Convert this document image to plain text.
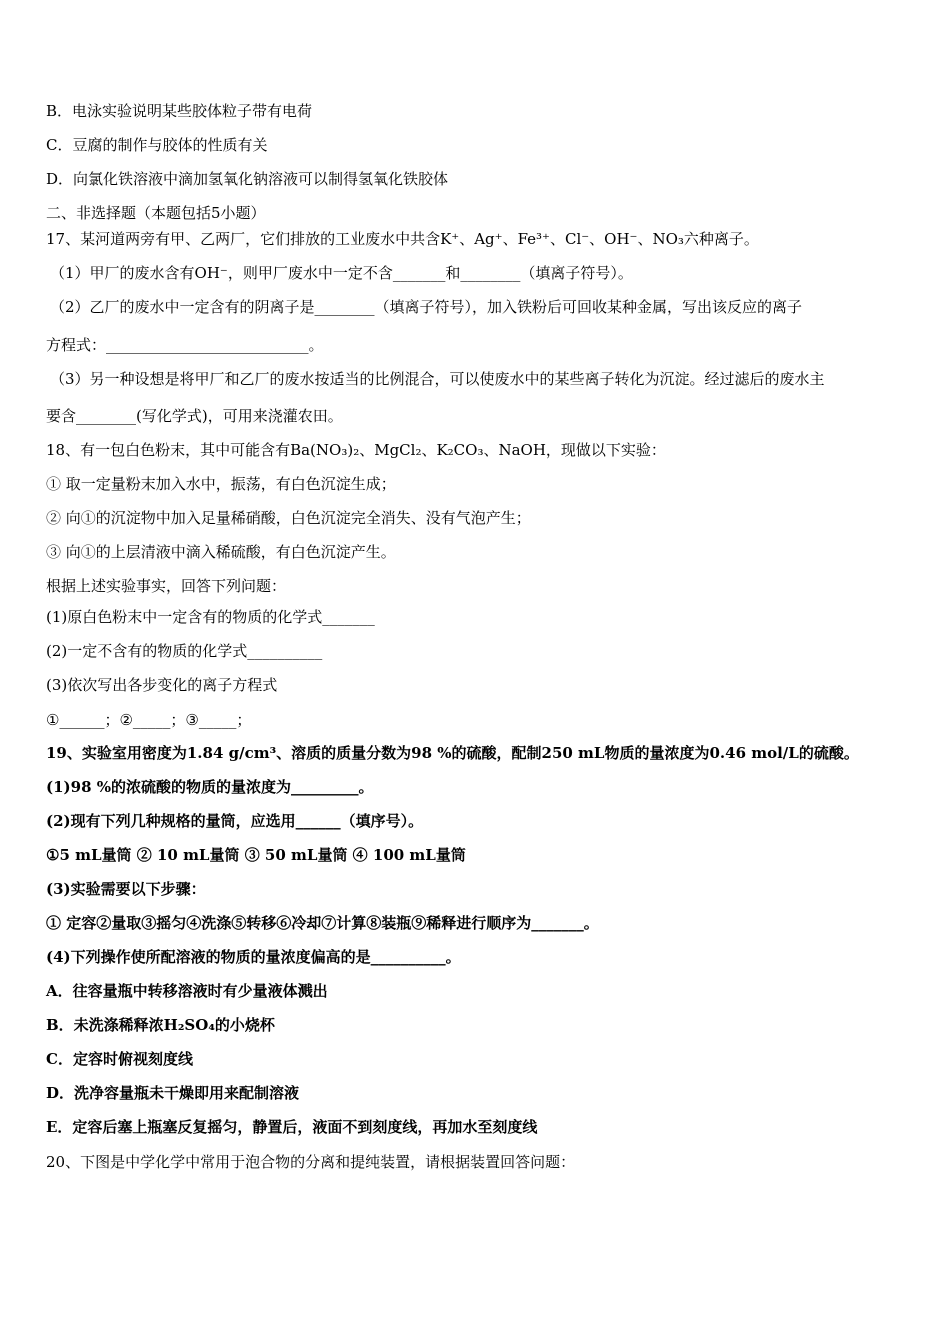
B．电泳实验说明某些胶体粒子带有电荷
C．豆腐的制作与胶体的性质有关
D．向氯化铁溶液中滴加氢氧化钠溶液可以制得氢氧化铁胶体
二、非选择题（本题包括5小题）
17、某河道两旁有甲、乙两厂，它们排放的工业废水中共含K⁺、Ag⁺、Fe³⁺、Cl⁻、OH⁻、NO₃六种离子。
（1）甲厂的废水含有OH⁻，则甲厂废水中一定不含_______和________（填离子符号）。
（2）乙厂的废水中一定含有的阴离子是________（填离子符号），加入铁粉后可回收某种金属，写出该反应的离子
方程式：___________________________。
（3）另一种设想是将甲厂和乙厂的废水按适当的比例混合，可以使废水中的某些离子转化为沉淀。经过滤后的废水主
要含________(写化学式)，可用来浇灌农田。
18、有一包白色粉末，其中可能含有Ba(NO₃)₂、MgCl₂、K₂CO₃、NaOH，现做以下实验：
① 取一定量粉末加入水中，振荡，有白色沉淀生成；
② 向①的沉淀物中加入足量稀硝酸，白色沉淀完全消失、没有气泡产生；
③ 向①的上层清液中滴入稀硫酸，有白色沉淀产生。
根据上述实验事实，回答下列问题：
(1)原白色粉末中一定含有的物质的化学式_______
(2)一定不含有的物质的化学式__________
(3)依次写出各步变化的离子方程式
①______；②_____；③_____；
19、实验室用密度为1.84 g/cm³、溶质的质量分数为98 %的硫酸，配制250 mL物质的量浓度为0.46 mol/L的硫酸。
(1)98 %的浓硫酸的物质的量浓度为_________。
(2)现有下列几种规格的量筒，应选用______（填序号）。
①5 mL量筒 ② 10 mL量筒 ③ 50 mL量筒 ④ 100 mL量筒
(3)实验需要以下步骤：
① 定容②量取③摇匀④洗涤⑤转移⑥冷却⑦计算⑧装瓶⑨稀释进行顺序为_______。
(4)下列操作使所配溶液的物质的量浓度偏高的是__________。
A．往容量瓶中转移溶液时有少量液体溅出
B．未洗涤稀释浓H₂SO₄的小烧杯
C．定容时俯视刻度线
D．洗净容量瓶未干燥即用来配制溶液
E．定容后塞上瓶塞反复摇匀，静置后，液面不到刻度线，再加水至刻度线
20、下图是中学化学中常用于泡合物的分离和提纯装置，请根据装置回答问题：
